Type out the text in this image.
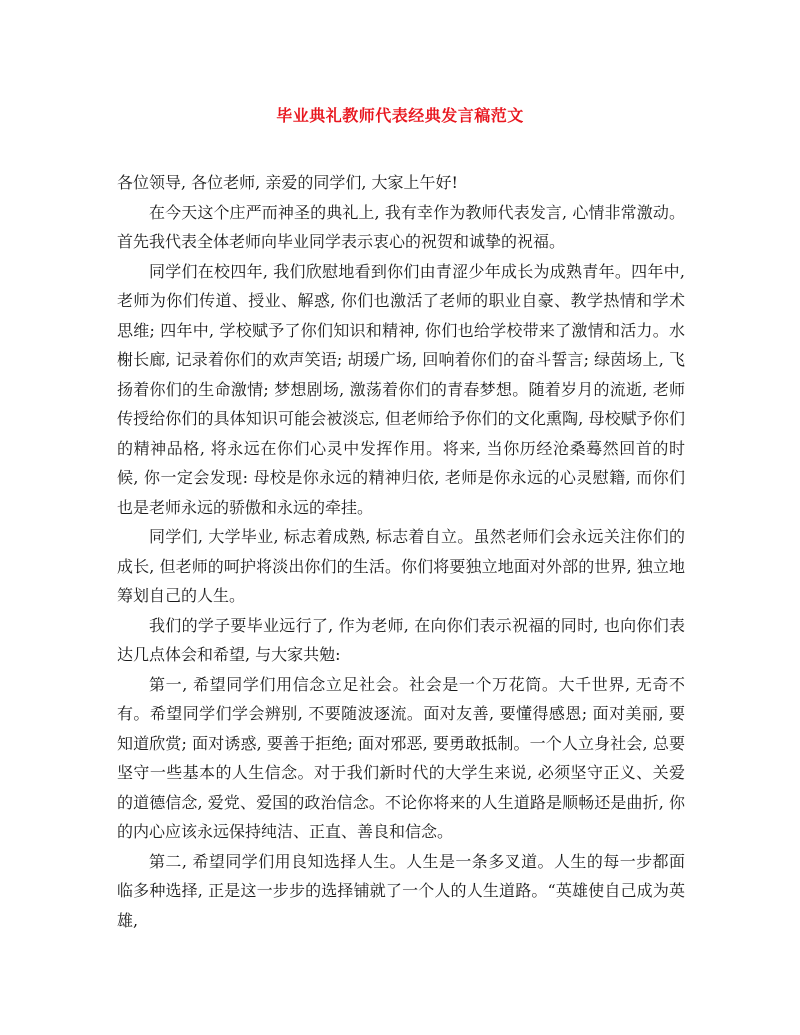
毕业典礼教师代表经典发言稿范文

各位领导, 各位老师, 亲爱的同学们, 大家上午好!

在今天这个庄严而神圣的典礼上, 我有幸作为教师代表发言, 心情非常激动。首先我代表全体老师向毕业同学表示衷心的祝贺和诚挚的祝福。

同学们在校四年, 我们欣慰地看到你们由青涩少年成长为成熟青年。四年中, 老师为你们传道、授业、解惑, 你们也激活了老师的职业自豪、教学热情和学术思维; 四年中, 学校赋予了你们知识和精神, 你们也给学校带来了激情和活力。水榭长廊, 记录着你们的欢声笑语; 胡瑗广场, 回响着你们的奋斗誓言; 绿茵场上, 飞扬着你们的生命激情; 梦想剧场, 激荡着你们的青春梦想。随着岁月的流逝, 老师传授给你们的具体知识可能会被淡忘, 但老师给予你们的文化熏陶, 母校赋予你们的精神品格, 将永远在你们心灵中发挥作用。将来, 当你历经沧桑蓦然回首的时候, 你一定会发现: 母校是你永远的精神归依, 老师是你永远的心灵慰籍, 而你们也是老师永远的骄傲和永远的牵挂。

同学们, 大学毕业, 标志着成熟, 标志着自立。虽然老师们会永远关注你们的成长, 但老师的呵护将淡出你们的生活。你们将要独立地面对外部的世界, 独立地筹划自己的人生。

我们的学子要毕业远行了, 作为老师, 在向你们表示祝福的同时, 也向你们表达几点体会和希望, 与大家共勉:

第一, 希望同学们用信念立足社会。社会是一个万花筒。大千世界, 无奇不有。希望同学们学会辨别, 不要随波逐流。面对友善, 要懂得感恩; 面对美丽, 要知道欣赏; 面对诱惑, 要善于拒绝; 面对邪恶, 要勇敢抵制。一个人立身社会, 总要坚守一些基本的人生信念。对于我们新时代的大学生来说, 必须坚守正义、关爱的道德信念, 爱党、爱国的政治信念。不论你将来的人生道路是顺畅还是曲折, 你的内心应该永远保持纯洁、正直、善良和信念。

第二, 希望同学们用良知选择人生。人生是一条多叉道。人生的每一步都面临多种选择, 正是这一步步的选择铺就了一个人的人生道路。“英雄使自己成为英雄,
